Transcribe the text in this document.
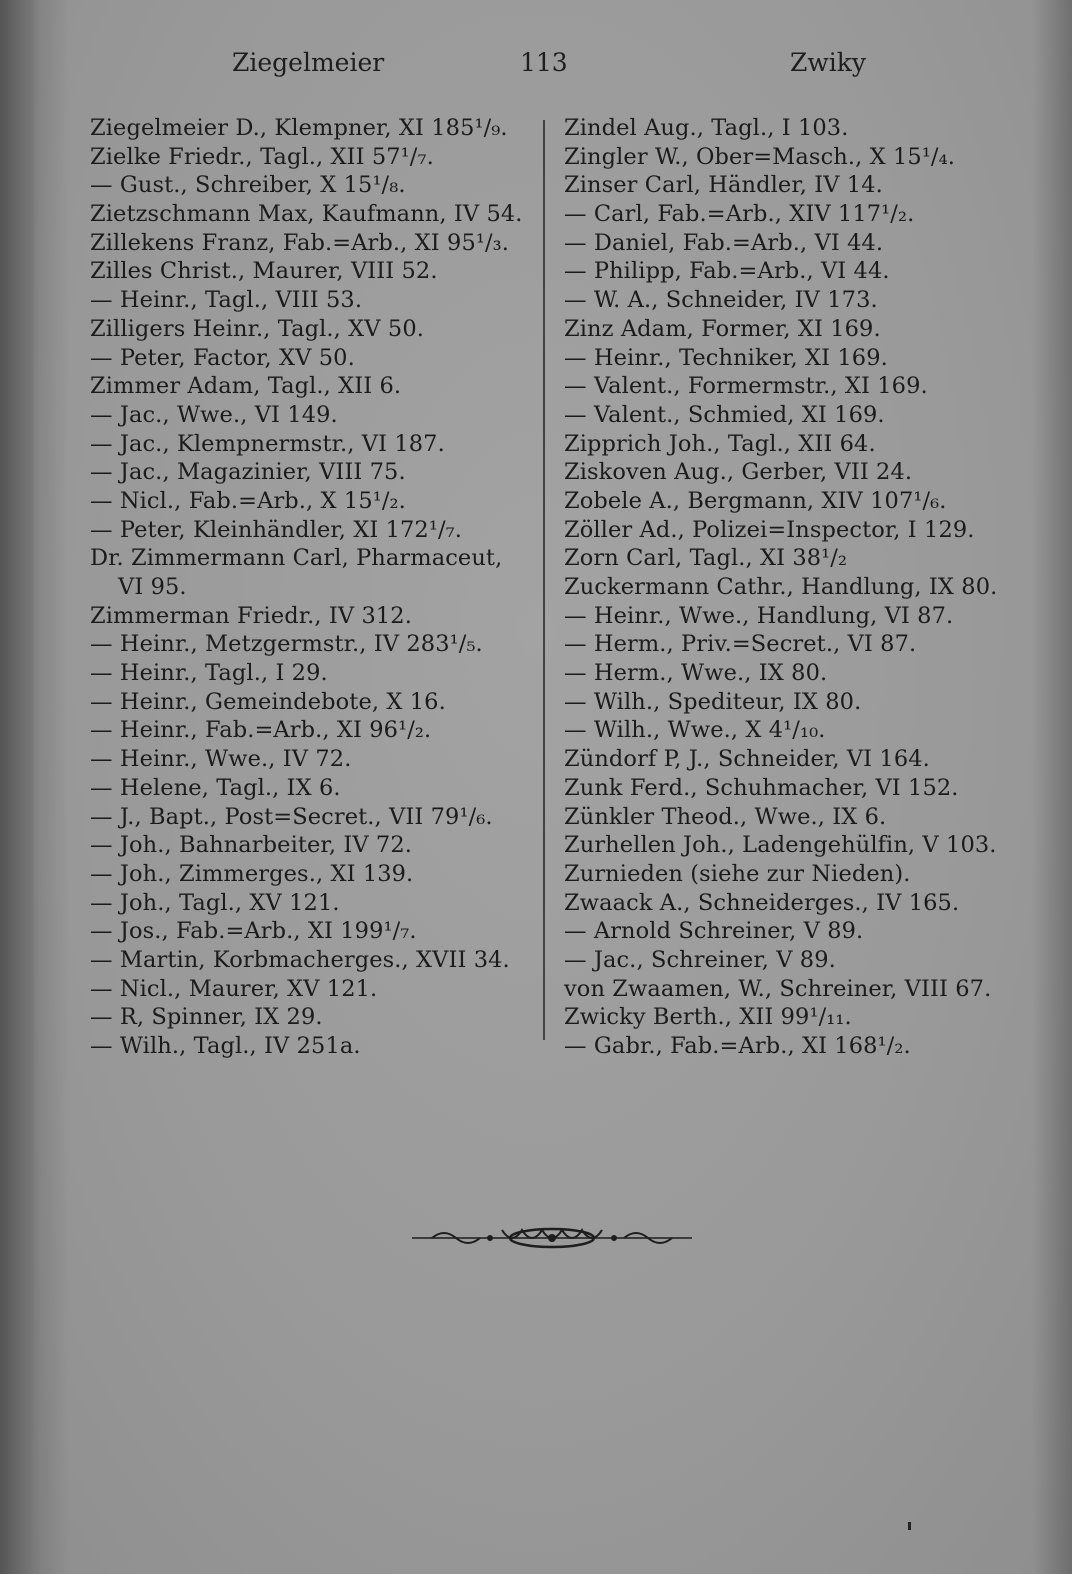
Ziegelmeier	113	Zwiky
Ziegelmeier D., Klempner, XI 185¹/₉.
Zielke Friedr., Tagl., XII 57¹/₇.
— Gust., Schreiber, X 15¹/₈.
Zietzschmann Max, Kaufmann, IV 54.
Zillekens Franz, Fab.=Arb., XI 95¹/₃.
Zilles Christ., Maurer, VIII 52.
— Heinr., Tagl., VIII 53.
Zilligers Heinr., Tagl., XV 50.
— Peter, Factor, XV 50.
Zimmer Adam, Tagl., XII 6.
— Jac., Wwe., VI 149.
— Jac., Klempnermstr., VI 187.
— Jac., Magazinier, VIII 75.
— Nicl., Fab.=Arb., X 15¹/₂.
— Peter, Kleinhändler, XI 172¹/₇.
Dr. Zimmermann Carl, Pharmaceut,
VI 95.
Zimmerman Friedr., IV 312.
— Heinr., Metzgermstr., IV 283¹/₅.
— Heinr., Tagl., I 29.
— Heinr., Gemeindebote, X 16.
— Heinr., Fab.=Arb., XI 96¹/₂.
— Heinr., Wwe., IV 72.
— Helene, Tagl., IX 6.
— J., Bapt., Post=Secret., VII 79¹/₆.
— Joh., Bahnarbeiter, IV 72.
— Joh., Zimmerges., XI 139.
— Joh., Tagl., XV 121.
— Jos., Fab.=Arb., XI 199¹/₇.
— Martin, Korbmacherges., XVII 34.
— Nicl., Maurer, XV 121.
— R, Spinner, IX 29.
— Wilh., Tagl., IV 251a.
Zindel Aug., Tagl., I 103.
Zingler W., Ober=Masch., X 15¹/₄.
Zinser Carl, Händler, IV 14.
— Carl, Fab.=Arb., XIV 117¹/₂.
— Daniel, Fab.=Arb., VI 44.
— Philipp, Fab.=Arb., VI 44.
— W. A., Schneider, IV 173.
Zinz Adam, Former, XI 169.
— Heinr., Techniker, XI 169.
— Valent., Formermstr., XI 169.
— Valent., Schmied, XI 169.
Zipprich Joh., Tagl., XII 64.
Ziskoven Aug., Gerber, VII 24.
Zobele A., Bergmann, XIV 107¹/₆.
Zöller Ad., Polizei=Inspector, I 129.
Zorn Carl, Tagl., XI 38¹/₂
Zuckermann Cathr., Handlung, IX 80.
— Heinr., Wwe., Handlung, VI 87.
— Herm., Priv.=Secret., VI 87.
— Herm., Wwe., IX 80.
— Wilh., Spediteur, IX 80.
— Wilh., Wwe., X 4¹/₁₀.
Zündorf P, J., Schneider, VI 164.
Zunk Ferd., Schuhmacher, VI 152.
Zünkler Theod., Wwe., IX 6.
Zurhellen Joh., Ladengehülfin, V 103.
Zurnieden (siehe zur Nieden).
Zwaack A., Schneiderges., IV 165.
— Arnold Schreiner, V 89.
— Jac., Schreiner, V 89.
von Zwaamen, W., Schreiner, VIII 67.
Zwicky Berth., XII 99¹/₁₁.
— Gabr., Fab.=Arb., XI 168¹/₂.
